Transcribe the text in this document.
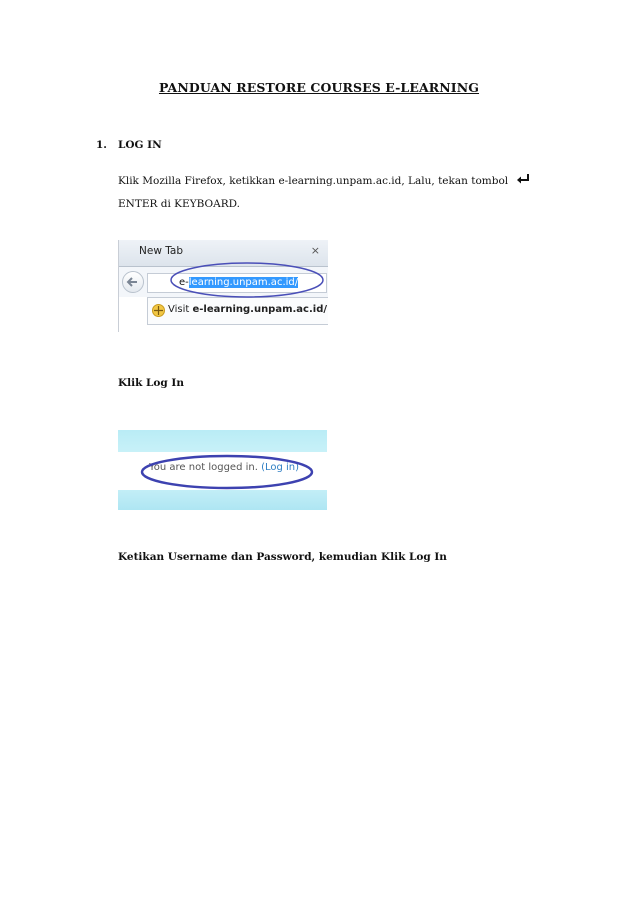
PANDUAN RESTORE COURSES E-LEARNING
1. LOG IN
Klik Mozilla Firefox, ketikkan e-learning.unpam.ac.id, Lalu, tekan tombol  ENTER di KEYBOARD.
New Tab	×
e-learning.unpam.ac.id/
Visit e-learning.unpam.ac.id/
Klik Log In
You are not logged in. (Log in)
Ketikan Username dan Password, kemudian Klik Log In
